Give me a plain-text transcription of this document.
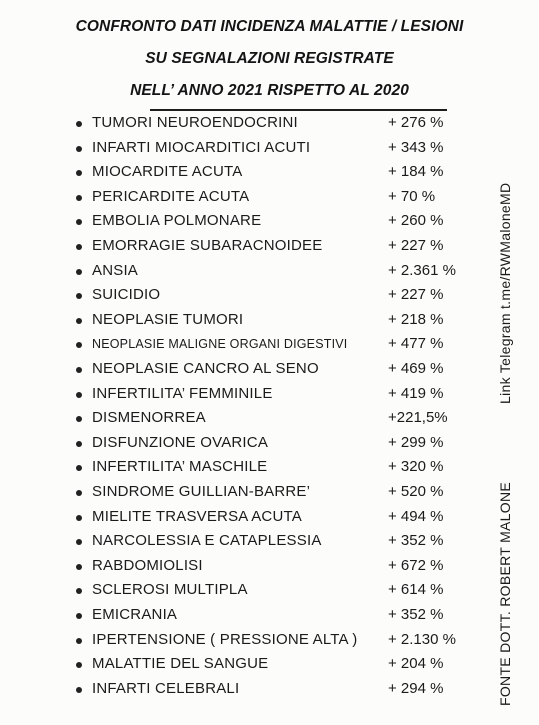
CONFRONTO DATI INCIDENZA MALATTIE / LESIONI
SU SEGNALAZIONI REGISTRATE
NELL’ ANNO 2021 RISPETTO AL 2020
TUMORI NEUROENDOCRINI	+ 276 %
INFARTI MIOCARDITICI ACUTI	+ 343 %
MIOCARDITE ACUTA	+ 184 %
PERICARDITE ACUTA	+ 70 %
EMBOLIA POLMONARE	+ 260 %
EMORRAGIE SUBARACNOIDEE	+ 227 %
ANSIA	+ 2.361 %
SUICIDIO	+ 227 %
NEOPLASIE TUMORI	+ 218 %
NEOPLASIE MALIGNE ORGANI DIGESTIVI	+ 477 %
NEOPLASIE CANCRO AL SENO	+ 469 %
INFERTILITA’ FEMMINILE	+ 419 %
DISMENORREA	+221,5%
DISFUNZIONE OVARICA	+ 299 %
INFERTILITA’ MASCHILE	+ 320 %
SINDROME GUILLIAN-BARRE’	+ 520 %
MIELITE TRASVERSA ACUTA	+ 494 %
NARCOLESSIA E CATAPLESSIA	+ 352 %
RABDOMIOLISI	+ 672 %
SCLEROSI MULTIPLA	+ 614 %
EMICRANIA	+ 352 %
IPERTENSIONE ( PRESSIONE ALTA ) + 2.130 %
MALATTIE DEL SANGUE	+ 204 %
INFARTI CELEBRALI	+ 294 %
Link Telegram t.me/RWMaloneMD
FONTE DOTT. ROBERT MALONE
